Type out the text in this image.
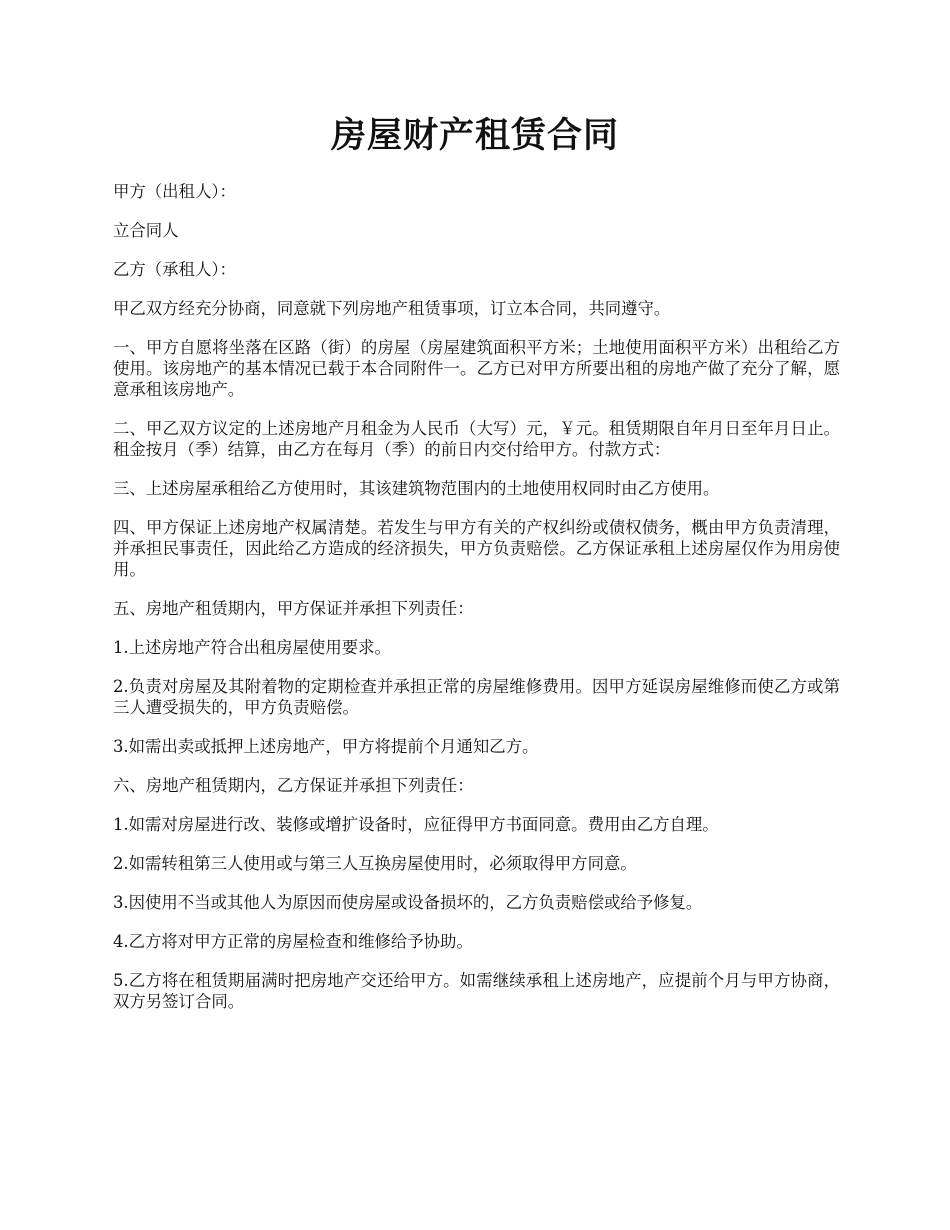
房屋财产租赁合同

甲方（出租人）：

立合同人

乙方（承租人）：

甲乙双方经充分协商，同意就下列房地产租赁事项，订立本合同，共同遵守。

一、甲方自愿将坐落在区路（街）的房屋（房屋建筑面积平方米；土地使用面积平方米）出租给乙方使用。该房地产的基本情况已载于本合同附件一。乙方已对甲方所要出租的房地产做了充分了解，愿意承租该房地产。

二、甲乙双方议定的上述房地产月租金为人民币（大写）元，￥元。租赁期限自年月日至年月日止。租金按月（季）结算，由乙方在每月（季）的前日内交付给甲方。付款方式：

三、上述房屋承租给乙方使用时，其该建筑物范围内的土地使用权同时由乙方使用。

四、甲方保证上述房地产权属清楚。若发生与甲方有关的产权纠纷或债权债务，概由甲方负责清理，并承担民事责任，因此给乙方造成的经济损失，甲方负责赔偿。乙方保证承租上述房屋仅作为用房使用。

五、房地产租赁期内，甲方保证并承担下列责任：

1.上述房地产符合出租房屋使用要求。

2.负责对房屋及其附着物的定期检查并承担正常的房屋维修费用。因甲方延误房屋维修而使乙方或第三人遭受损失的，甲方负责赔偿。

3.如需出卖或抵押上述房地产，甲方将提前个月通知乙方。

六、房地产租赁期内，乙方保证并承担下列责任：

1.如需对房屋进行改、装修或增扩设备时，应征得甲方书面同意。费用由乙方自理。

2.如需转租第三人使用或与第三人互换房屋使用时，必须取得甲方同意。

3.因使用不当或其他人为原因而使房屋或设备损坏的，乙方负责赔偿或给予修复。

4.乙方将对甲方正常的房屋检查和维修给予协助。

5.乙方将在租赁期届满时把房地产交还给甲方。如需继续承租上述房地产，应提前个月与甲方协商，双方另签订合同。
